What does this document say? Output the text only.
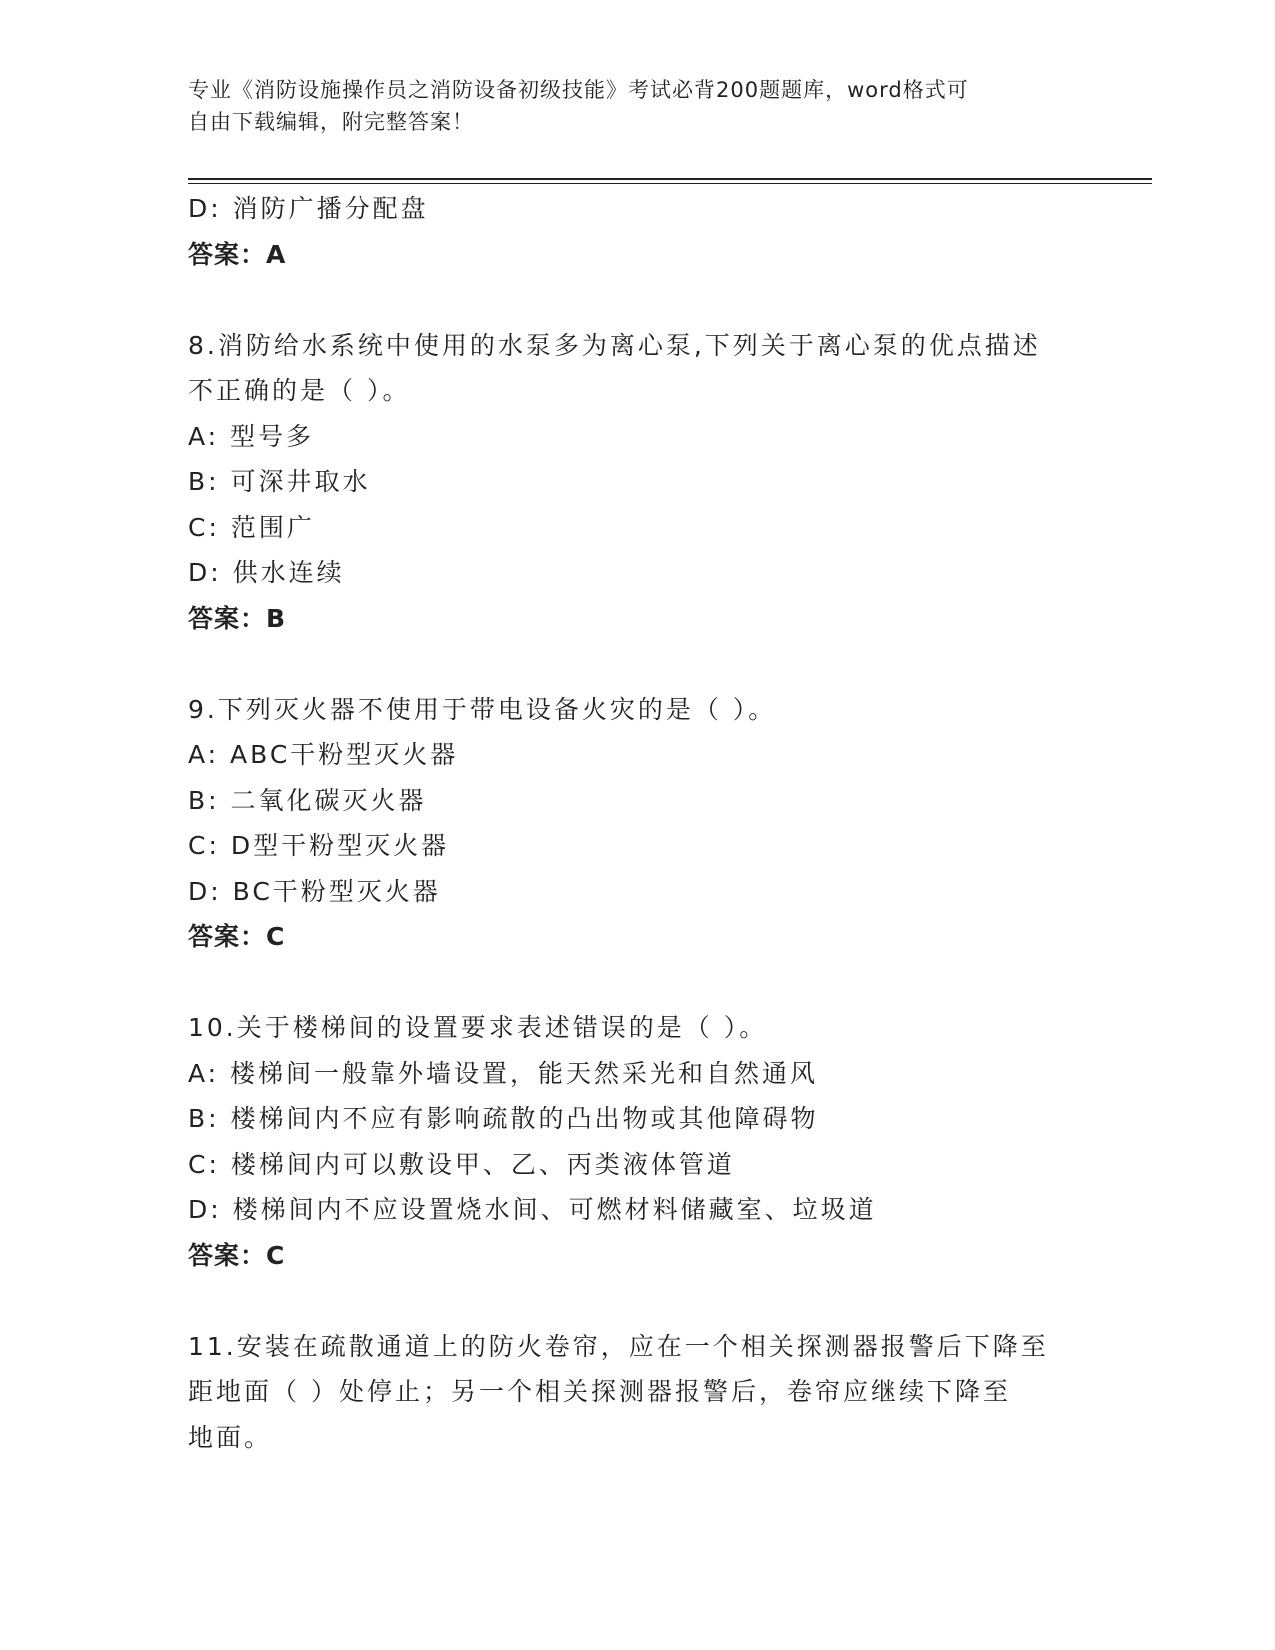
专业《消防设施操作员之消防设备初级技能》考试必背200题题库，word格式可
自由下载编辑，附完整答案！
D: 消防广播分配盘
答案：A
8.消防给水系统中使用的水泵多为离心泵,下列关于离心泵的优点描述
不正确的是（ ）。
A: 型号多
B: 可深井取水
C: 范围广
D: 供水连续
答案：B
9.下列灭火器不使用于带电设备火灾的是（ ）。
A: ABC干粉型灭火器
B: 二氧化碳灭火器
C: D型干粉型灭火器
D: BC干粉型灭火器
答案：C
10.关于楼梯间的设置要求表述错误的是（ ）。
A: 楼梯间一般靠外墙设置，能天然采光和自然通风
B: 楼梯间内不应有影响疏散的凸出物或其他障碍物
C: 楼梯间内可以敷设甲、乙、丙类液体管道
D: 楼梯间内不应设置烧水间、可燃材料储藏室、垃圾道
答案：C
11.安装在疏散通道上的防火卷帘，应在一个相关探测器报警后下降至
距地面（ ）处停止；另一个相关探测器报警后，卷帘应继续下降至
地面。
